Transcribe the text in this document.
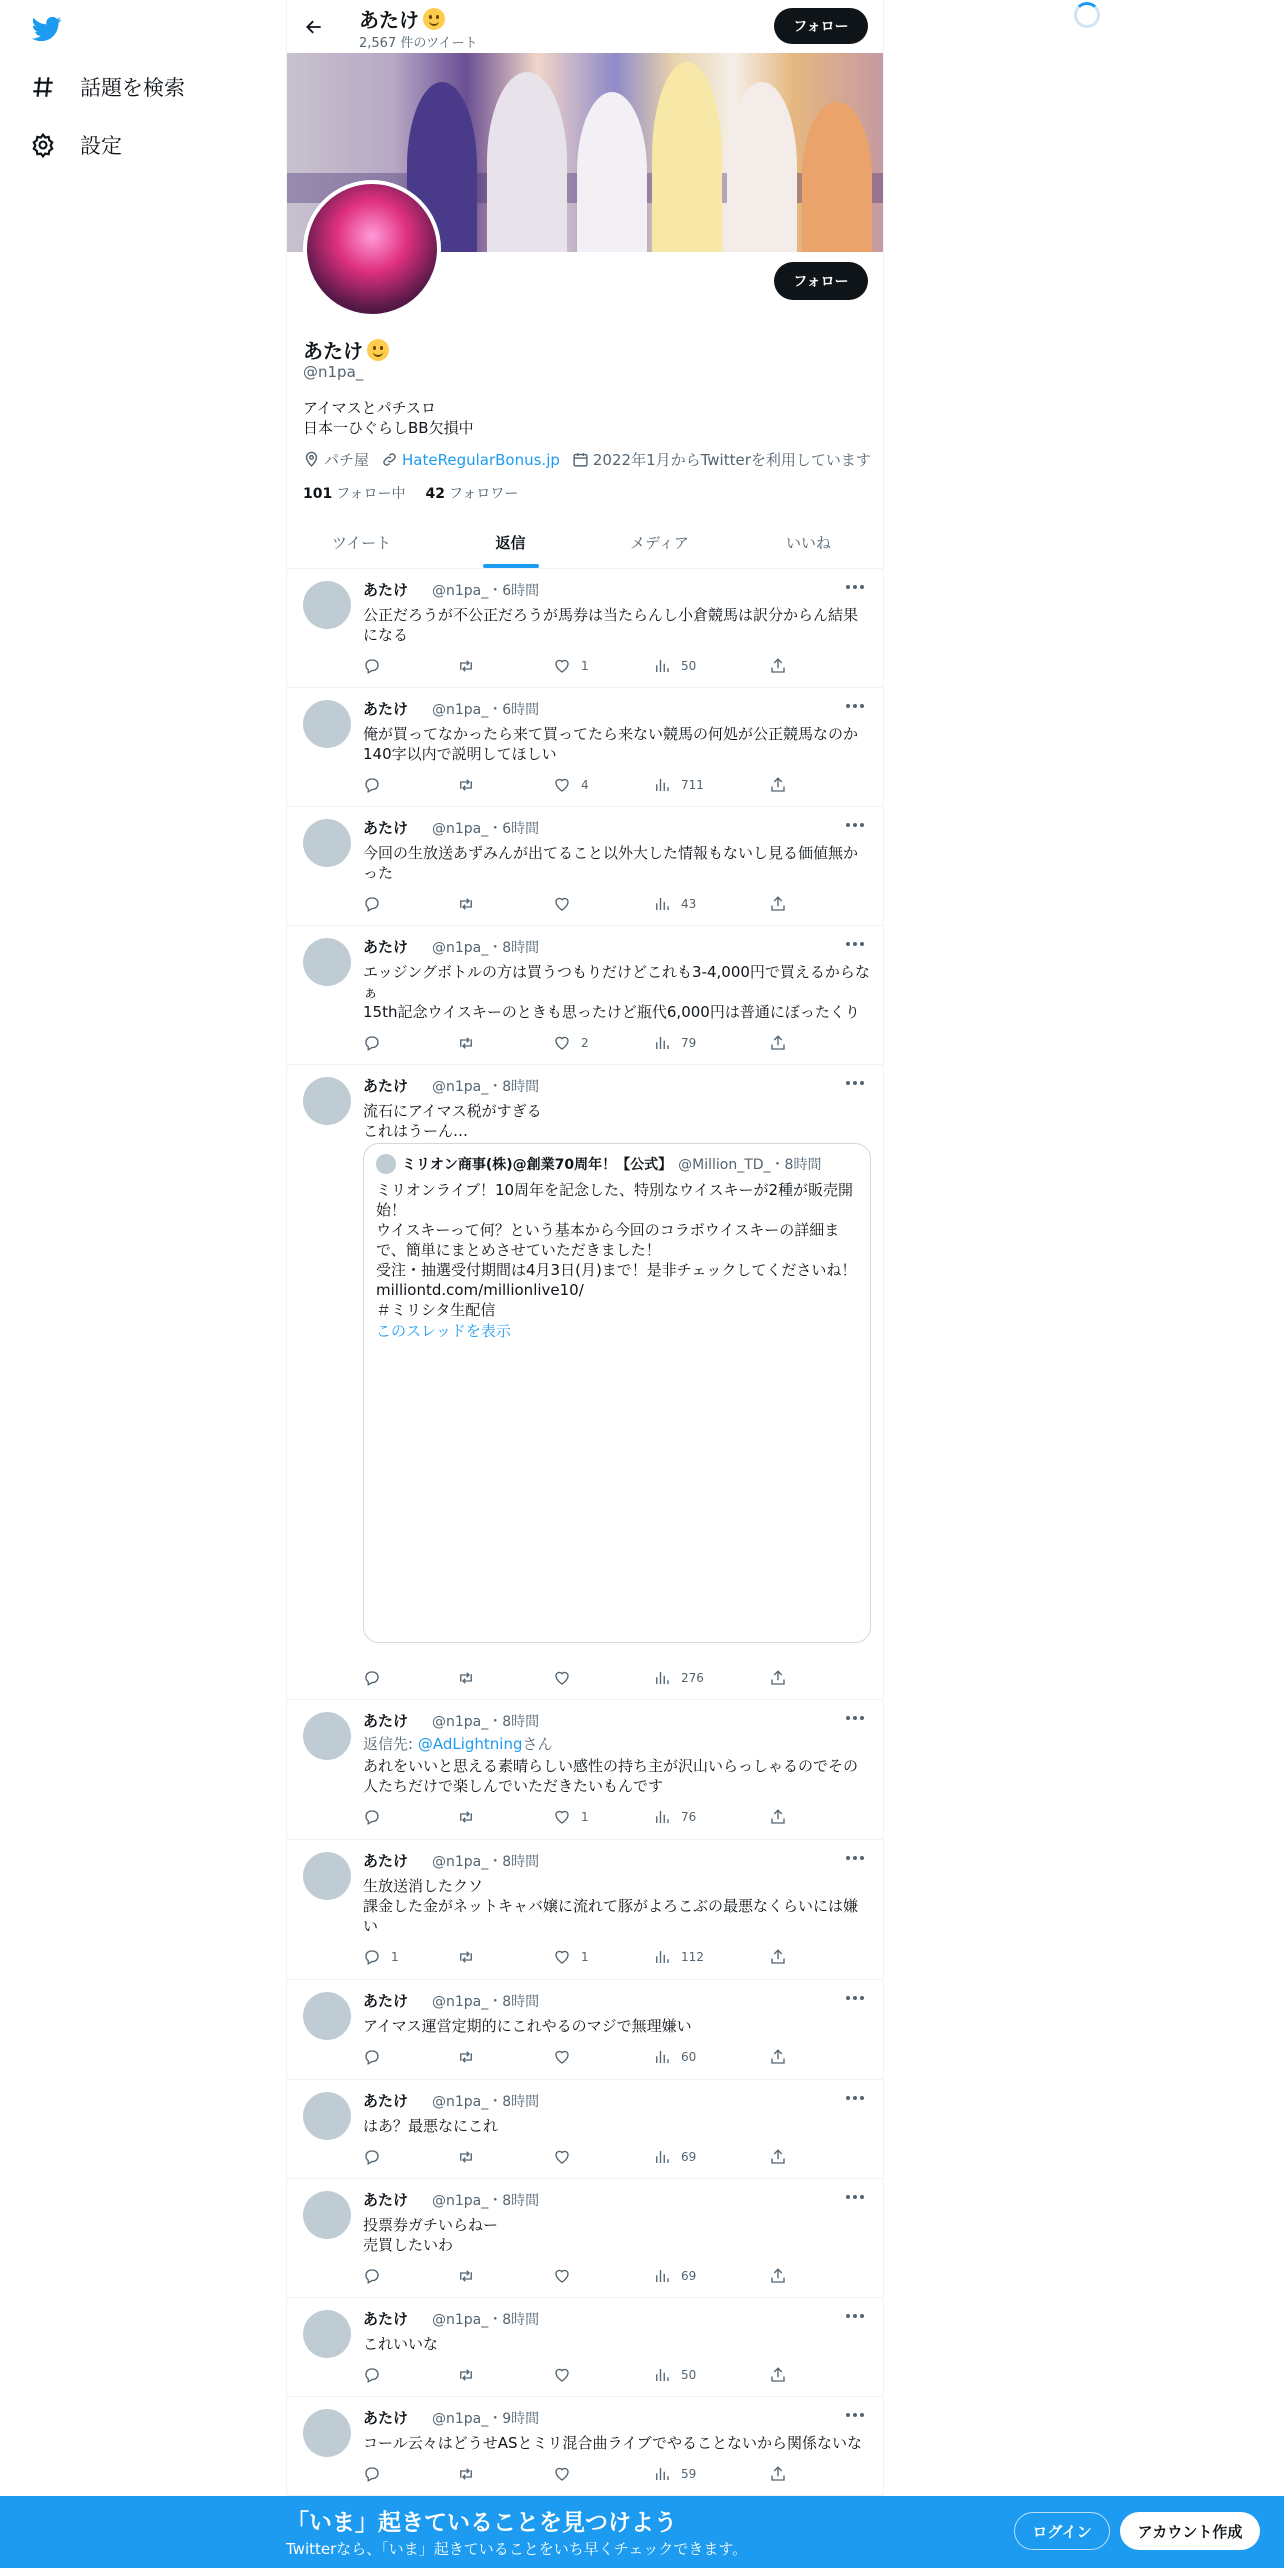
話題を検索
設定
あたけ
2,567 件のツイート
フォロー
フォロー
あたけ
@n1pa_
アイマスとパチスロ
日本一ひぐらしBB欠損中
パチ屋 HateRegularBonus.jp 2022年1月からTwitterを利用しています
101 フォロー中 42 フォロワー
ツイート	返信	メディア	いいね
あたけ @n1pa_・6時間
公正だろうが不公正だろうが馬券は当たらんし小倉競馬は訳分からん結果になる
1	50
あたけ @n1pa_・6時間
俺が買ってなかったら来て買ってたら来ない競馬の何処が公正競馬なのか140字以内で説明してほしい
4	711
あたけ @n1pa_・6時間
今回の生放送あずみんが出てること以外大した情報もないし見る価値無かった
43
あたけ @n1pa_・8時間
エッジングボトルの方は買うつもりだけどこれも3-4,000円で買えるからなぁ
15th記念ウイスキーのときも思ったけど瓶代6,000円は普通にぼったくり
2	79
あたけ @n1pa_・8時間
流石にアイマス税がすぎる
これはうーん…
ミリオン商事(株)@創業70周年！【公式】 @Million_TD_・8時間
ミリオンライブ！10周年を記念した、特別なウイスキーが2種が販売開始！
ウイスキーって何？という基本から今回のコラボウイスキーの詳細まで、簡単にまとめさせていただきました！
受注・抽選受付期間は4月3日(月)まで！是非チェックしてくださいね！
milliontd.com/millionlive10/
＃ミリシタ生配信
このスレッドを表示
276
あたけ @n1pa_・8時間
返信先: @AdLightningさん
あれをいいと思える素晴らしい感性の持ち主が沢山いらっしゃるのでその人たちだけで楽しんでいただきたいもんです
1	76
あたけ @n1pa_・8時間
生放送消したクソ
課金した金がネットキャバ嬢に流れて豚がよろこぶの最悪なくらいには嫌い
1	1	112
あたけ @n1pa_・8時間
アイマス運営定期的にこれやるのマジで無理嫌い
60
あたけ @n1pa_・8時間
はあ？最悪なにこれ
69
あたけ @n1pa_・8時間
投票券ガチいらねー
売買したいわ
69
あたけ @n1pa_・8時間
これいいな
50
あたけ @n1pa_・9時間
コール云々はどうせASとミリ混合曲ライブでやることないから関係ないな
59
「いま」起きていることを見つけよう
Twitterなら、「いま」起きていることをいち早くチェックできます。
ログイン	アカウント作成
